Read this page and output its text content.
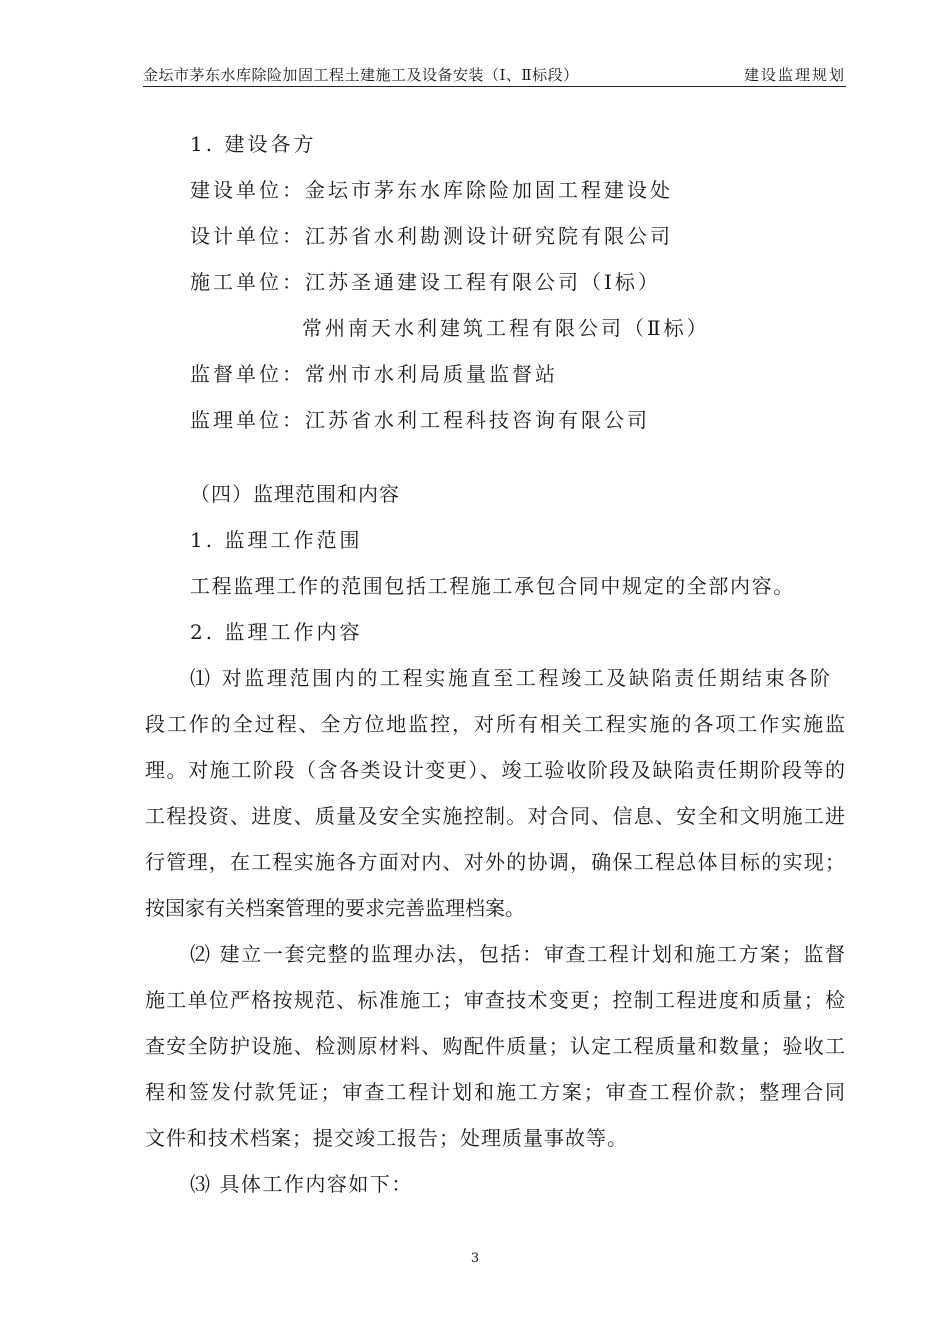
金坛市茅东水库除险加固工程土建施工及设备安装（Ⅰ、Ⅱ标段）	建设监理规划
1. 建设各方
建设单位：金坛市茅东水库除险加固工程建设处
设计单位：江苏省水利勘测设计研究院有限公司
施工单位：江苏圣通建设工程有限公司（Ⅰ标）
常州南天水利建筑工程有限公司（Ⅱ标）
监督单位：常州市水利局质量监督站
监理单位：江苏省水利工程科技咨询有限公司
（四）监理范围和内容
1. 监理工作范围
工程监理工作的范围包括工程施工承包合同中规定的全部内容。
2. 监理工作内容
⑴ 对监理范围内的工程实施直至工程竣工及缺陷责任期结束各阶
段工作的全过程、全方位地监控，对所有相关工程实施的各项工作实施监
理。对施工阶段（含各类设计变更）、竣工验收阶段及缺陷责任期阶段等的
工程投资、进度、质量及安全实施控制。对合同、信息、安全和文明施工进
行管理，在工程实施各方面对内、对外的协调，确保工程总体目标的实现；
按国家有关档案管理的要求完善监理档案。
⑵ 建立一套完整的监理办法，包括：审查工程计划和施工方案；监督
施工单位严格按规范、标准施工；审查技术变更；控制工程进度和质量；检
查安全防护设施、检测原材料、购配件质量；认定工程质量和数量；验收工
程和签发付款凭证；审查工程计划和施工方案；审查工程价款；整理合同
文件和技术档案；提交竣工报告；处理质量事故等。
⑶ 具体工作内容如下：
3
